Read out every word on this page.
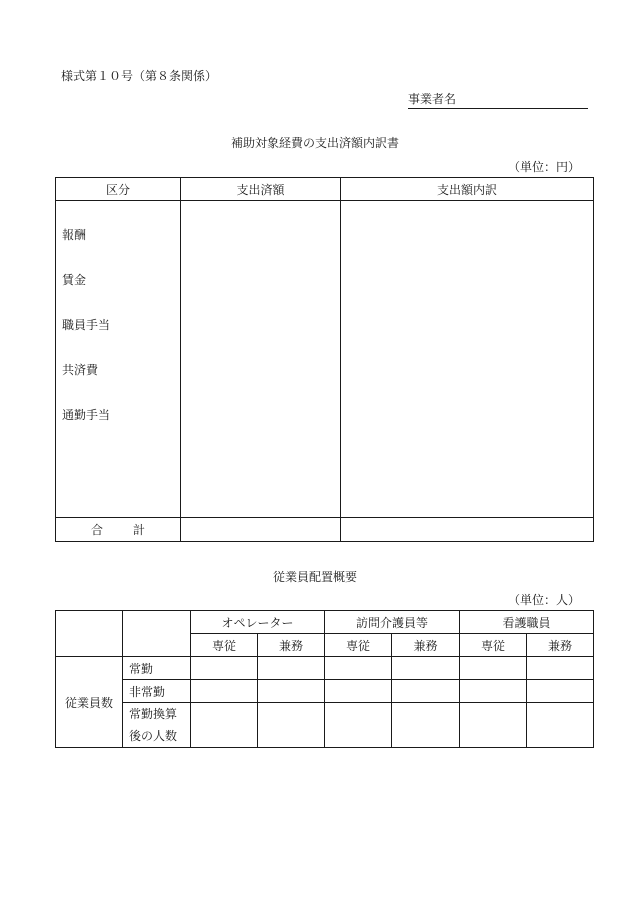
様式第１０号（第８条関係）
事業者名
補助対象経費の支出済額内訳書
（単位：円）
区分	支出済額	支出額内訳

報酬
賃金
職員手当
共済費
通勤手当		

合 計		
従業員配置概要
（単位：人）
		オペレーター		訪問介護員等		看護職員	
		専従	兼務	専従	兼務	専従	兼務
従業員数	常勤						
	非常勤						
	常勤換算
後の人数						
